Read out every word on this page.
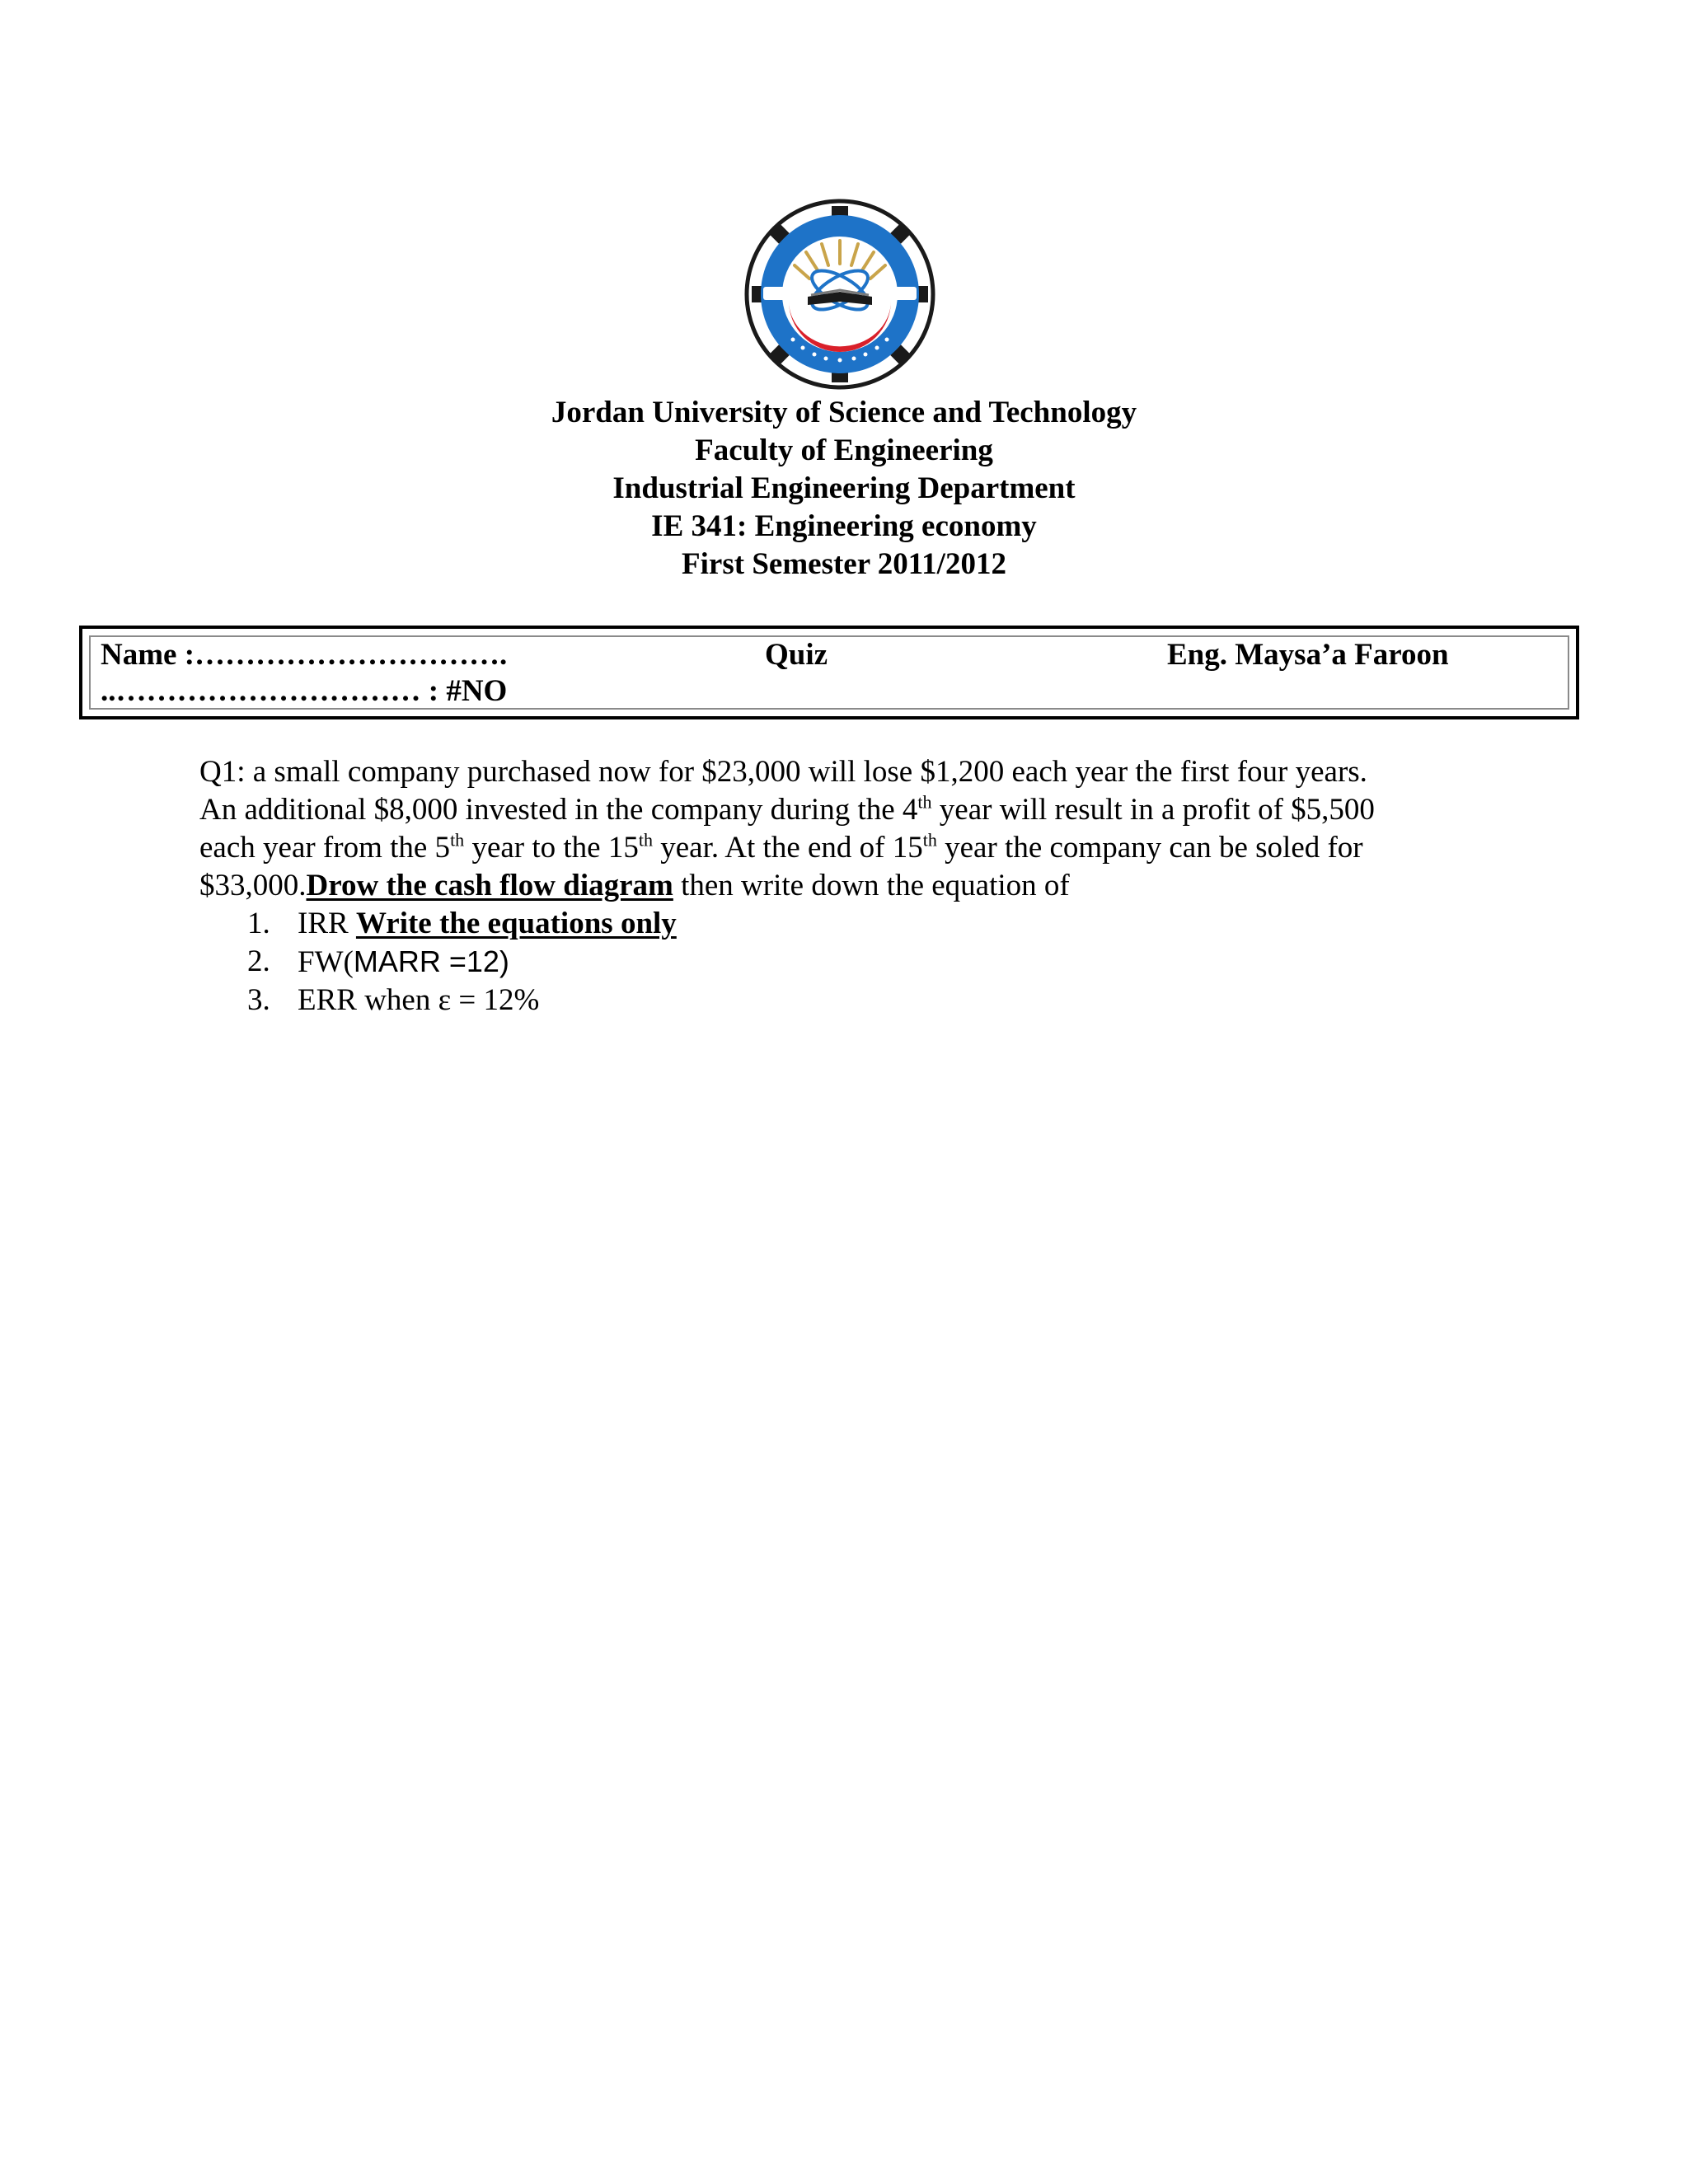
Jordan University of Science and Technology
Faculty of Engineering
Industrial Engineering Department
IE 341: Engineering economy
First Semester 2011/2012
Name :………………………….	Quiz	Eng. Maysa’a Faroon
..………………………… : #NO

Q1: a small company purchased now for $23,000 will lose $1,200 each year the first four years.

An additional $8,000 invested in the company during the 4th year will result in a profit of $5,500

each year from the 5th year to the 15th year. At the end of 15th year the company can be soled for

$33,000.Drow the cash flow diagram then write down the equation of

1. IRR Write the equations only
2. FW(MARR =12)
3. ERR when ε = 12%
